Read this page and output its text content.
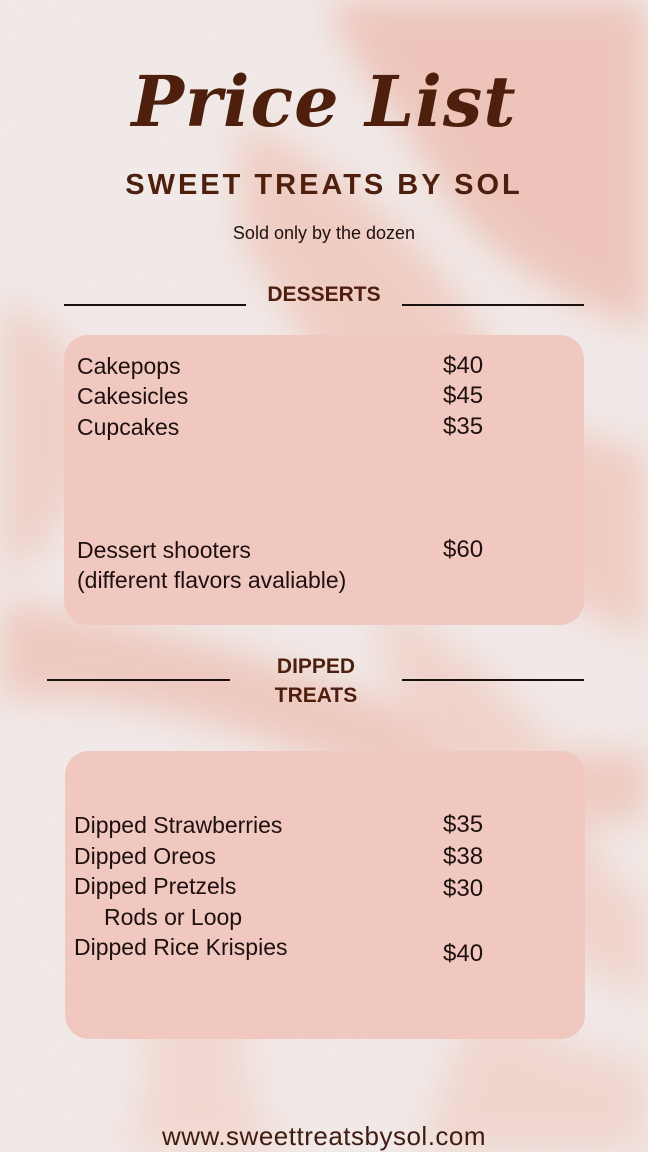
Price List
SWEET TREATS BY SOL
Sold only by the dozen
DESSERTS
Cakepops	$40
Cakesicles	$45
Cupcakes	$35
Dessert shooters	$60
(different flavors avaliable)
DIPPED
TREATS
Dipped Strawberries	$35
Dipped Oreos	$38
Dipped Pretzels	$30
Rods or Loop
Dipped Rice Krispies	$40
www.sweettreatsbysol.com
